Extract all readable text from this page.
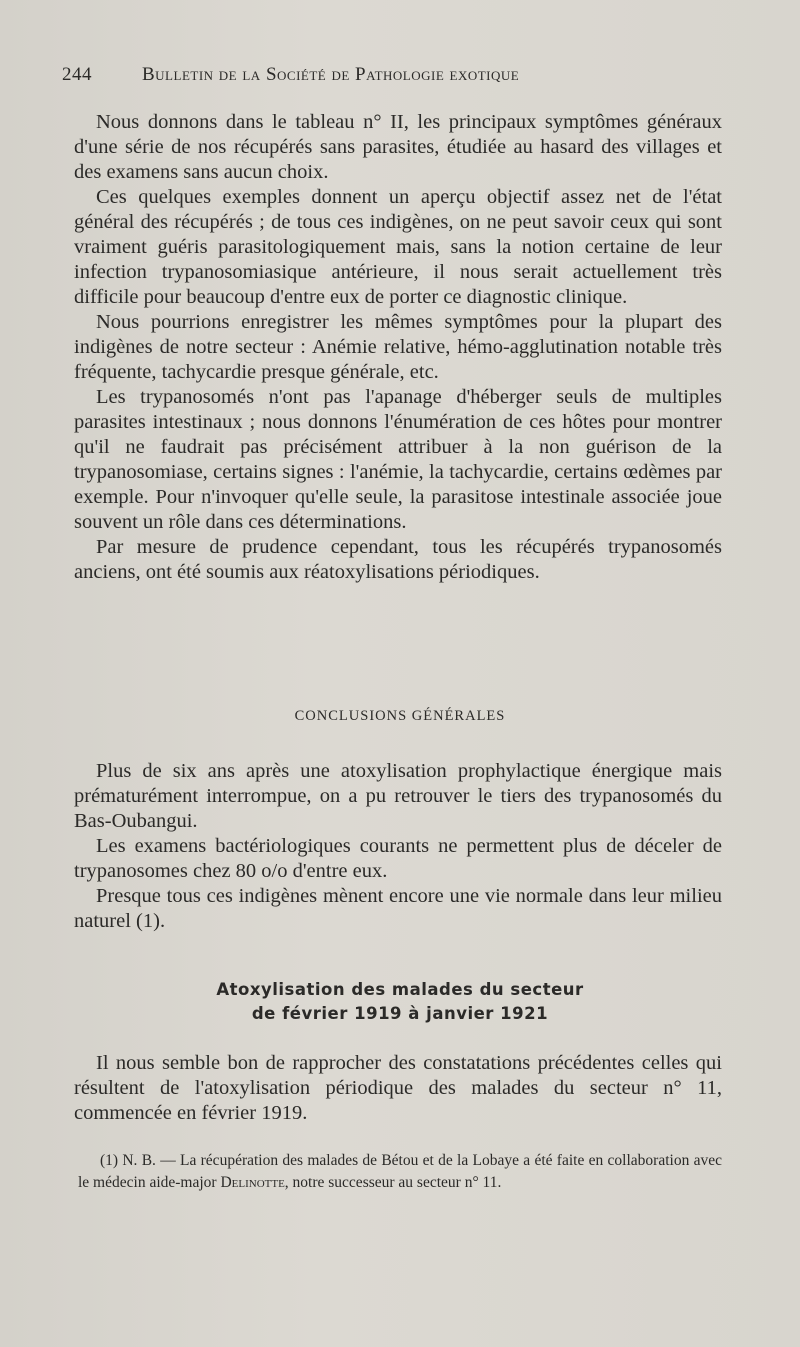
244	Bulletin de la Société de Pathologie exotique

Nous donnons dans le tableau n° II, les principaux symptômes généraux d'une série de nos récupérés sans parasites, étudiée au hasard des villages et des examens sans aucun choix.

Ces quelques exemples donnent un aperçu objectif assez net de l'état général des récupérés ; de tous ces indigènes, on ne peut savoir ceux qui sont vraiment guéris parasitologiquement mais, sans la notion certaine de leur infection trypanosomiasique antérieure, il nous serait actuellement très difficile pour beaucoup d'entre eux de porter ce diagnostic clinique.

Nous pourrions enregistrer les mêmes symptômes pour la plupart des indigènes de notre secteur : Anémie relative, hémo-agglutination notable très fréquente, tachycardie presque générale, etc.

Les trypanosomés n'ont pas l'apanage d'héberger seuls de multiples parasites intestinaux ; nous donnons l'énumération de ces hôtes pour montrer qu'il ne faudrait pas précisément attribuer à la non guérison de la trypanosomiase, certains signes : l'anémie, la tachycardie, certains œdèmes par exemple. Pour n'invoquer qu'elle seule, la parasitose intestinale associée joue souvent un rôle dans ces déterminations.

Par mesure de prudence cependant, tous les récupérés trypanosomés anciens, ont été soumis aux réatoxylisations périodiques.

CONCLUSIONS GÉNÉRALES

Plus de six ans après une atoxylisation prophylactique énergique mais prématurément interrompue, on a pu retrouver le tiers des trypanosomés du Bas-Oubangui.

Les examens bactériologiques courants ne permettent plus de déceler de trypanosomes chez 80 o/o d'entre eux.

Presque tous ces indigènes mènent encore une vie normale dans leur milieu naturel (1).

Atoxylisation des malades du secteur
de février 1919 à janvier 1921

Il nous semble bon de rapprocher des constatations précédentes celles qui résultent de l'atoxylisation périodique des malades du secteur n° 11, commencée en février 1919.

(1) N. B. — La récupération des malades de Bétou et de la Lobaye a été faite en collaboration avec le médecin aide-major Delinotte, notre successeur au secteur n° 11.
